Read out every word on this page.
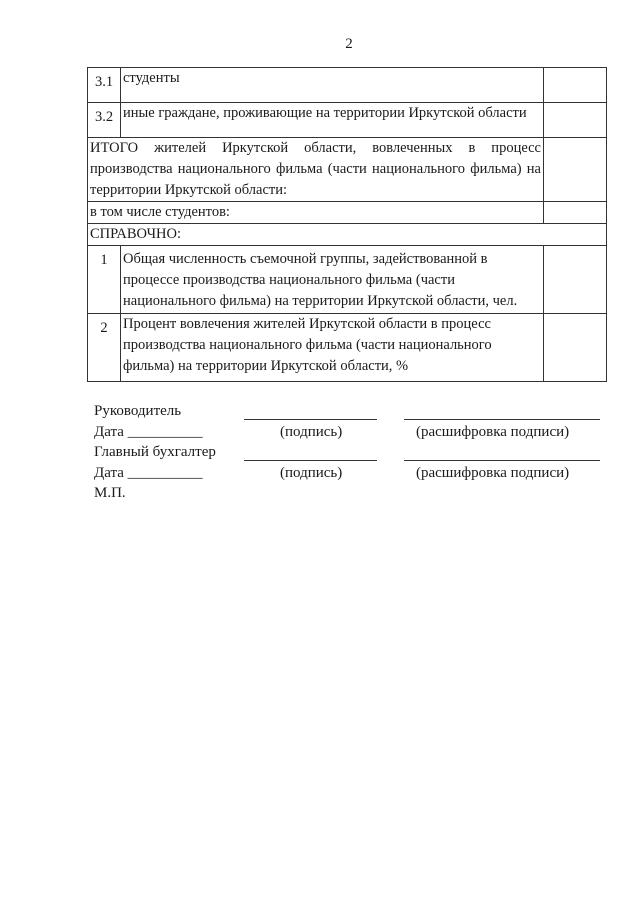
2
3.1	студенты	
3.2	иные граждане, проживающие на территории Иркутской области	
ИТОГО жителей Иркутской области, вовлеченных в процесс производства национального фильма (части национального фильма) на территории Иркутской области:		
в том числе студентов:		
СПРАВОЧНО:		
1	Общая численность съемочной группы, задействованной в процессе производства национального фильма (части национального фильма) на территории Иркутской области, чел.	
2	Процент вовлечения жителей Иркутской области в процесс производства национального фильма (части национального фильма) на территории Иркутской области, %	
Руководитель
Дата __________	(подпись)	(расшифровка подписи)
Главный бухгалтер
Дата __________	(подпись)	(расшифровка подписи)
М.П.
